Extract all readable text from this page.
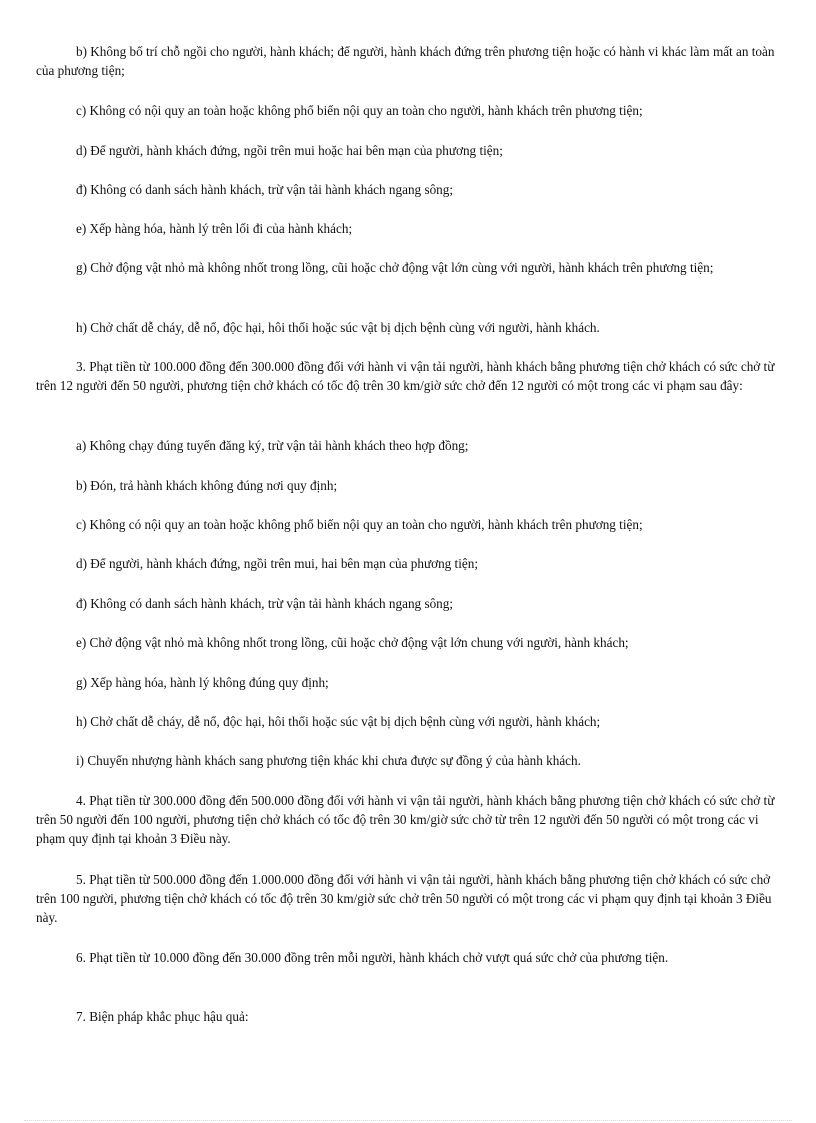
b) Không bố trí chỗ ngồi cho người, hành khách; để người, hành khách đứng trên phương tiện hoặc có hành vi khác làm mất an toàn của phương tiện;

c) Không có nội quy an toàn hoặc không phổ biến nội quy an toàn cho người, hành khách trên phương tiện;

d) Để người, hành khách đứng, ngồi trên mui hoặc hai bên mạn của phương tiện;

đ) Không có danh sách hành khách, trừ vận tải hành khách ngang sông;

e) Xếp hàng hóa, hành lý trên lối đi của hành khách;

g) Chở động vật nhỏ mà không nhốt trong lồng, cũi hoặc chở động vật lớn cùng với người, hành khách trên phương tiện;

h) Chở chất dễ cháy, dễ nổ, độc hại, hôi thối hoặc súc vật bị dịch bệnh cùng với người, hành khách.

3. Phạt tiền từ 100.000 đồng đến 300.000 đồng đối với hành vi vận tải người, hành khách bằng phương tiện chở khách có sức chở từ trên 12 người đến 50 người, phương tiện chở khách có tốc độ trên 30 km/giờ sức chở đến 12 người có một trong các vi phạm sau đây:

a) Không chạy đúng tuyến đăng ký, trừ vận tải hành khách theo hợp đồng;

b) Đón, trả hành khách không đúng nơi quy định;

c) Không có nội quy an toàn hoặc không phổ biến nội quy an toàn cho người, hành khách trên phương tiện;

d) Để người, hành khách đứng, ngồi trên mui, hai bên mạn của phương tiện;

đ) Không có danh sách hành khách, trừ vận tải hành khách ngang sông;

e) Chở động vật nhỏ mà không nhốt trong lồng, cũi hoặc chở động vật lớn chung với người, hành khách;

g) Xếp hàng hóa, hành lý không đúng quy định;

h) Chở chất dễ cháy, dễ nổ, độc hại, hôi thối hoặc súc vật bị dịch bệnh cùng với người, hành khách;

i) Chuyển nhượng hành khách sang phương tiện khác khi chưa được sự đồng ý của hành khách.

4. Phạt tiền từ 300.000 đồng đến 500.000 đồng đối với hành vi vận tải người, hành khách bằng phương tiện chở khách có sức chở từ trên 50 người đến 100 người, phương tiện chở khách có tốc độ trên 30 km/giờ sức chở từ trên 12 người đến 50 người có một trong các vi phạm quy định tại khoản 3 Điều này.

5. Phạt tiền từ 500.000 đồng đến 1.000.000 đồng đối với hành vi vận tải người, hành khách bằng phương tiện chở khách có sức chở trên 100 người, phương tiện chở khách có tốc độ trên 30 km/giờ sức chở trên 50 người có một trong các vi phạm quy định tại khoản 3 Điều này.

6. Phạt tiền từ 10.000 đồng đến 30.000 đồng trên mỗi người, hành khách chở vượt quá sức chở của phương tiện.

7. Biện pháp khắc phục hậu quả:
